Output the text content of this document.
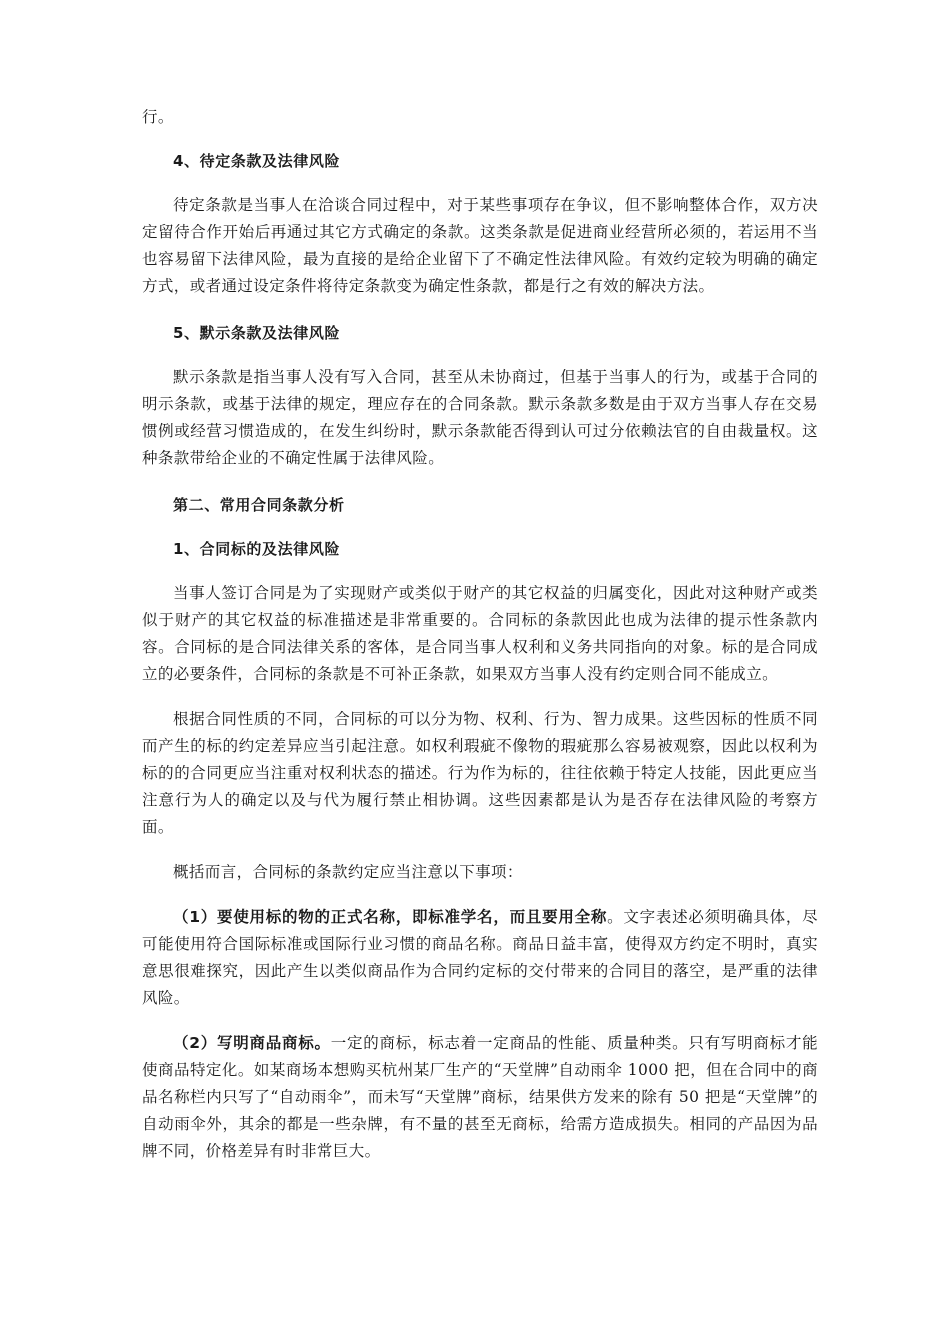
行。

4、待定条款及法律风险

待定条款是当事人在洽谈合同过程中，对于某些事项存在争议，但不影响整体合作，双方决定留待合作开始后再通过其它方式确定的条款。这类条款是促进商业经营所必须的，若运用不当也容易留下法律风险，最为直接的是给企业留下了不确定性法律风险。有效约定较为明确的确定方式，或者通过设定条件将待定条款变为确定性条款，都是行之有效的解决方法。

5、默示条款及法律风险

默示条款是指当事人没有写入合同，甚至从未协商过，但基于当事人的行为，或基于合同的明示条款，或基于法律的规定，理应存在的合同条款。默示条款多数是由于双方当事人存在交易惯例或经营习惯造成的，在发生纠纷时，默示条款能否得到认可过分依赖法官的自由裁量权。这种条款带给企业的不确定性属于法律风险。

第二、常用合同条款分析

1、合同标的及法律风险

当事人签订合同是为了实现财产或类似于财产的其它权益的归属变化，因此对这种财产或类似于财产的其它权益的标准描述是非常重要的。合同标的条款因此也成为法律的提示性条款内容。合同标的是合同法律关系的客体，是合同当事人权利和义务共同指向的对象。标的是合同成立的必要条件，合同标的条款是不可补正条款，如果双方当事人没有约定则合同不能成立。

根据合同性质的不同，合同标的可以分为物、权利、行为、智力成果。这些因标的性质不同而产生的标的约定差异应当引起注意。如权利瑕疵不像物的瑕疵那么容易被观察，因此以权利为标的的合同更应当注重对权利状态的描述。行为作为标的，往往依赖于特定人技能，因此更应当注意行为人的确定以及与代为履行禁止相协调。这些因素都是认为是否存在法律风险的考察方面。

概括而言，合同标的条款约定应当注意以下事项：

（1）要使用标的物的正式名称，即标准学名，而且要用全称。文字表述必须明确具体，尽可能使用符合国际标准或国际行业习惯的商品名称。商品日益丰富，使得双方约定不明时，真实意思很难探究，因此产生以类似商品作为合同约定标的交付带来的合同目的落空，是严重的法律风险。

（2）写明商品商标。一定的商标，标志着一定商品的性能、质量种类。只有写明商标才能使商品特定化。如某商场本想购买杭州某厂生产的“天堂牌”自动雨伞 1000 把，但在合同中的商品名称栏内只写了“自动雨伞”，而未写“天堂牌”商标，结果供方发来的除有 50 把是“天堂牌”的自动雨伞外，其余的都是一些杂牌，有不量的甚至无商标，给需方造成损失。相同的产品因为品牌不同，价格差异有时非常巨大。
